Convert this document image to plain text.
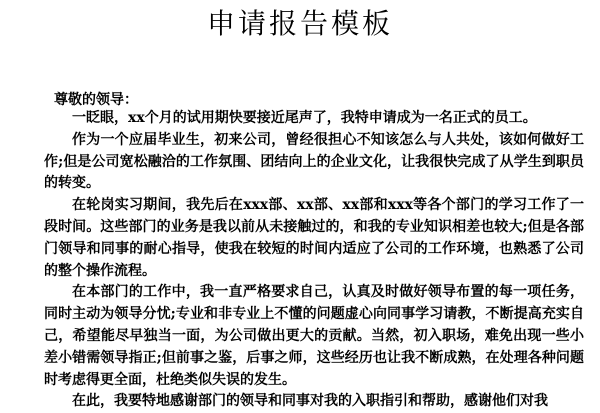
申请报告模板
尊敬的领导：

一眨眼，xx个月的试用期快要接近尾声了，我特申请成为一名正式的员工。

作为一个应届毕业生，初来公司，曾经很担心不知该怎么与人共处，该如何做好工作;但是公司宽松融洽的工作氛围、团结向上的企业文化，让我很快完成了从学生到职员的转变。

在轮岗实习期间，我先后在xxx部、xx部、xx部和xxx等各个部门的学习工作了一段时间。这些部门的业务是我以前从未接触过的，和我的专业知识相差也较大;但是各部门领导和同事的耐心指导，使我在较短的时间内适应了公司的工作环境，也熟悉了公司的整个操作流程。

在本部门的工作中，我一直严格要求自己，认真及时做好领导布置的每一项任务，同时主动为领导分忧;专业和非专业上不懂的问题虚心向同事学习请教，不断提高充实自己，希望能尽早独当一面，为公司做出更大的贡献。当然，初入职场，难免出现一些小差小错需领导指正;但前事之鉴，后事之师，这些经历也让我不断成熟，在处理各种问题时考虑得更全面，杜绝类似失误的发生。

在此，我要特地感谢部门的领导和同事对我的入职指引和帮助，感谢他们对我
